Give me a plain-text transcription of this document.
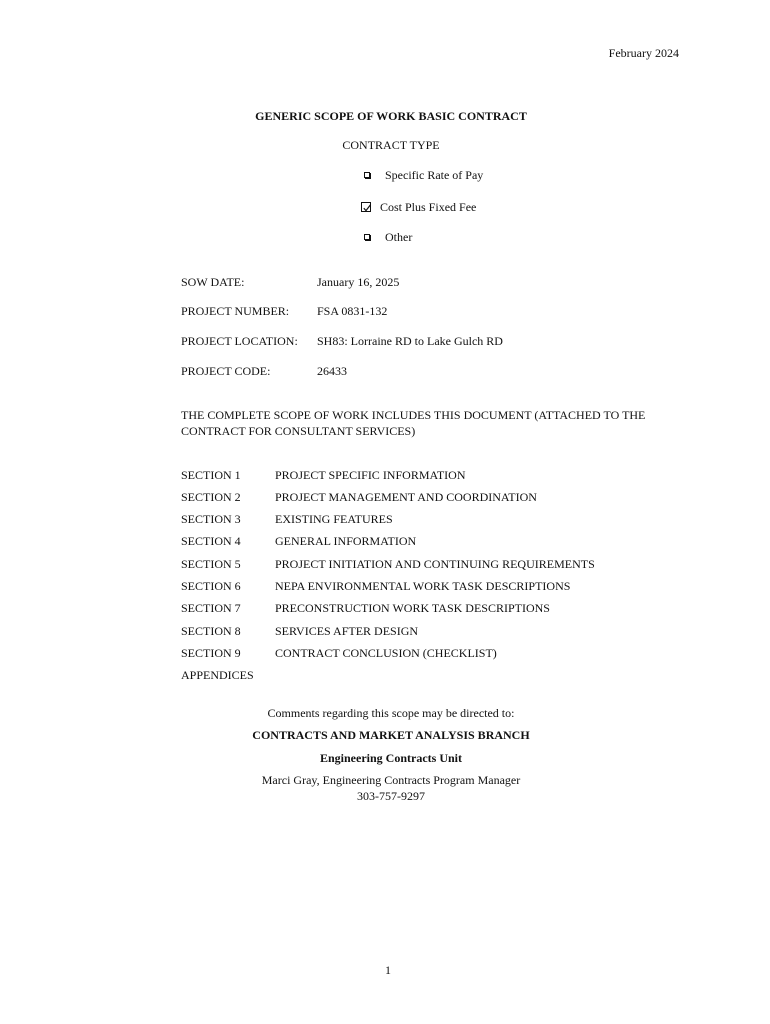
February 2024
GENERIC SCOPE OF WORK BASIC CONTRACT
CONTRACT TYPE
Specific Rate of Pay
Cost Plus Fixed Fee
Other
SOW DATE:	January 16, 2025
PROJECT NUMBER: FSA 0831-132
PROJECT LOCATION: SH83: Lorraine RD to Lake Gulch RD
PROJECT CODE:	26433
THE COMPLETE SCOPE OF WORK INCLUDES THIS DOCUMENT (ATTACHED TO THE CONTRACT FOR CONSULTANT SERVICES)
SECTION 1	PROJECT SPECIFIC INFORMATION
SECTION 2	PROJECT MANAGEMENT AND COORDINATION
SECTION 3	EXISTING FEATURES
SECTION 4	GENERAL INFORMATION
SECTION 5	PROJECT INITIATION AND CONTINUING REQUIREMENTS
SECTION 6	NEPA ENVIRONMENTAL WORK TASK DESCRIPTIONS
SECTION 7	PRECONSTRUCTION WORK TASK DESCRIPTIONS
SECTION 8	SERVICES AFTER DESIGN
SECTION 9	CONTRACT CONCLUSION (CHECKLIST)
APPENDICES
Comments regarding this scope may be directed to:
CONTRACTS AND MARKET ANALYSIS BRANCH
Engineering Contracts Unit
Marci Gray, Engineering Contracts Program Manager
303-757-9297
1
